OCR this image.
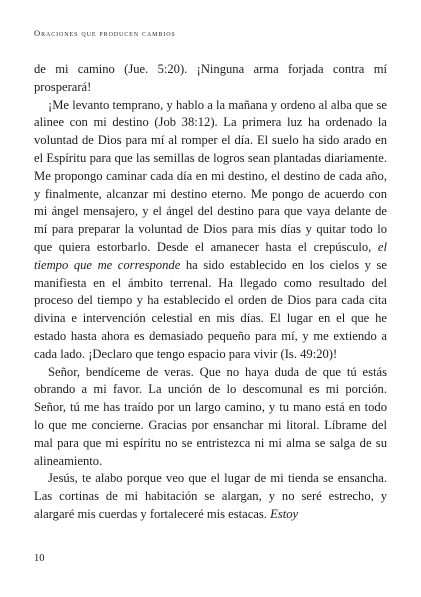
Oraciones que producen cambios

de mi camino (Jue. 5:20). ¡Ninguna arma forjada contra mí prosperará!

¡Me levanto temprano, y hablo a la mañana y ordeno al alba que se alinee con mi destino (Job 38:12). La primera luz ha ordenado la voluntad de Dios para mí al romper el día. El suelo ha sido arado en el Espíritu para que las semillas de logros sean plantadas diariamente. Me propongo caminar cada día en mi destino, el destino de cada año, y finalmente, alcanzar mi destino eterno. Me pongo de acuerdo con mi ángel mensajero, y el ángel del destino para que vaya delante de mí para preparar la voluntad de Dios para mis días y quitar todo lo que quiera estorbarlo. Desde el amanecer hasta el crepúsculo, el tiempo que me corresponde ha sido establecido en los cielos y se manifiesta en el ámbito terrenal. Ha llegado como resultado del proceso del tiempo y ha establecido el orden de Dios para cada cita divina e intervención celestial en mis días. El lugar en el que he estado hasta ahora es demasiado pequeño para mí, y me extiendo a cada lado. ¡Declaro que tengo espacio para vivir (Is. 49:20)!

Señor, bendíceme de veras. Que no haya duda de que tú estás obrando a mi favor. La unción de lo descomunal es mi porción. Señor, tú me has traído por un largo camino, y tu mano está en todo lo que me concierne. Gracias por ensanchar mi litoral. Líbrame del mal para que mi espíritu no se entristezca ni mi alma se salga de su alineamiento.

Jesús, te alabo porque veo que el lugar de mi tienda se ensancha. Las cortinas de mi habitación se alargan, y no seré estrecho, y alargaré mis cuerdas y fortaleceré mis estacas. Estoy

10
